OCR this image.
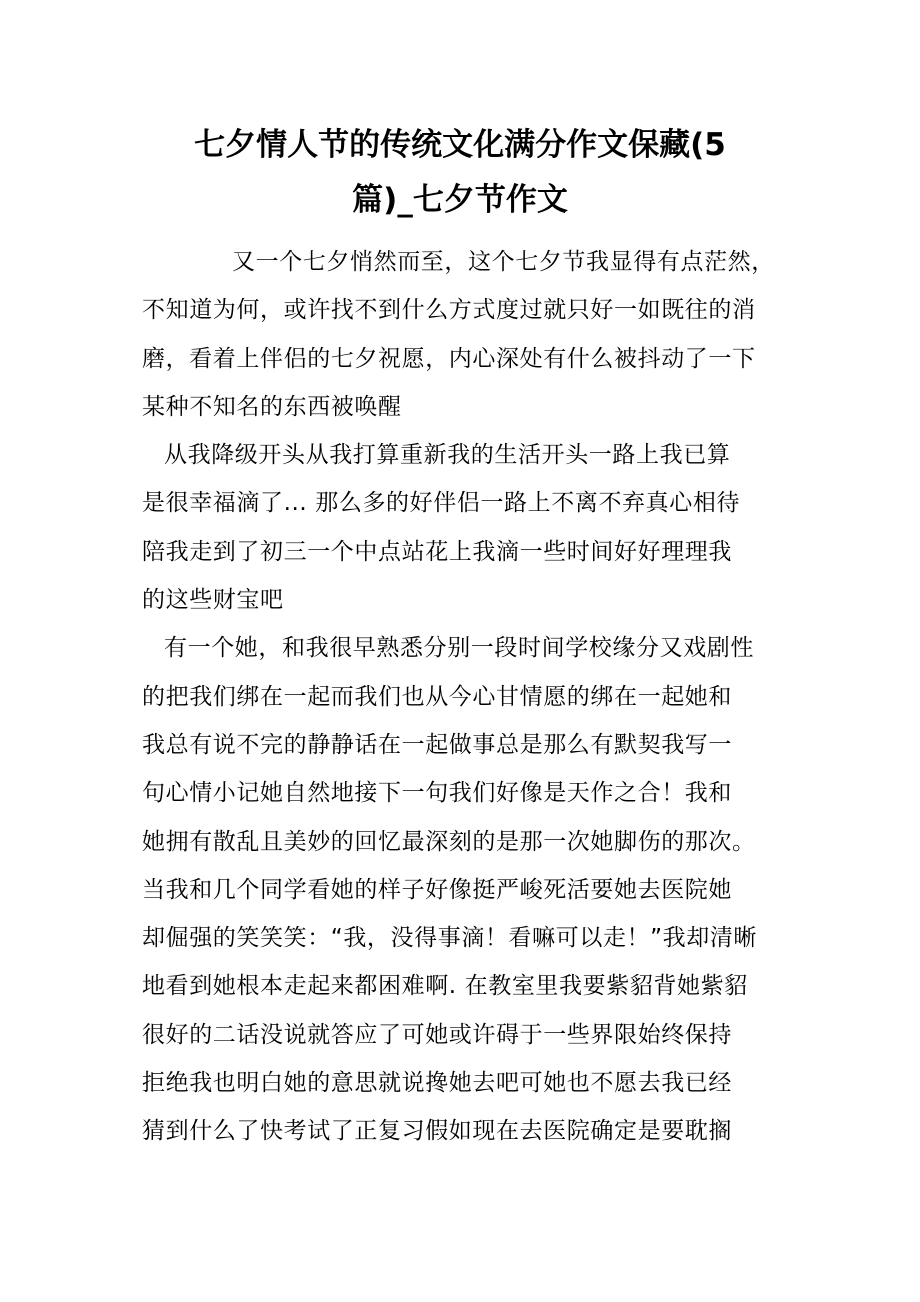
七夕情人节的传统文化满分作文保藏(5
篇)_七夕节作文
又一个七夕悄然而至，这个七夕节我显得有点茫然，
不知道为何，或许找不到什么方式度过就只好一如既往的消
磨，看着上伴侣的七夕祝愿，内心深处有什么被抖动了一下
某种不知名的东西被唤醒
从我降级开头从我打算重新我的生活开头一路上我已算
是很幸福滴了... 那么多的好伴侣一路上不离不弃真心相待
陪我走到了初三一个中点站花上我滴一些时间好好理理我
的这些财宝吧
有一个她，和我很早熟悉分别一段时间学校缘分又戏剧性
的把我们绑在一起而我们也从今心甘情愿的绑在一起她和
我总有说不完的静静话在一起做事总是那么有默契我写一
句心情小记她自然地接下一句我们好像是天作之合！我和
她拥有散乱且美妙的回忆最深刻的是那一次她脚伤的那次。
当我和几个同学看她的样子好像挺严峻死活要她去医院她
却倔强的笑笑笑：“我，没得事滴！看嘛可以走！”我却清晰
地看到她根本走起来都困难啊. 在教室里我要紫貂背她紫貂
很好的二话没说就答应了可她或许碍于一些界限始终保持
拒绝我也明白她的意思就说搀她去吧可她也不愿去我已经
猜到什么了快考试了正复习假如现在去医院确定是要耽搁
